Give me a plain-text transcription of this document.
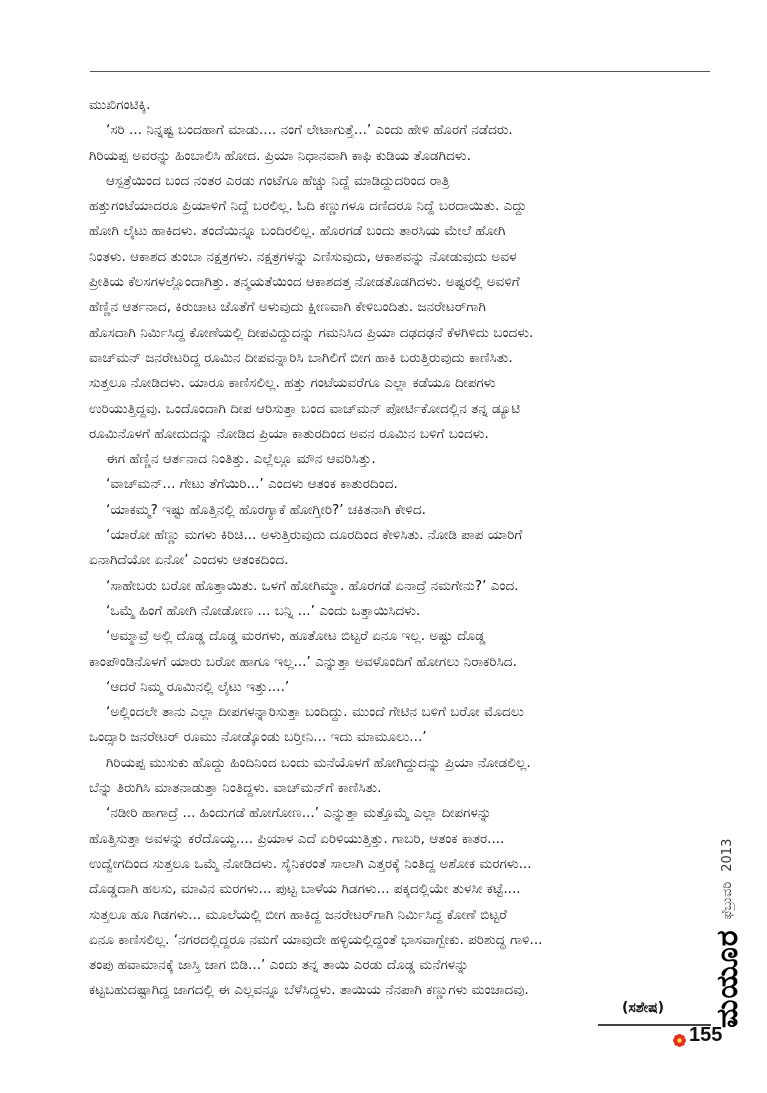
ಮುಖಿಗಂಟಿಕ್ಕಿ.
‘ಸರಿ ... ನಿನ್ನಷ್ಟ ಬಂದಹಾಗೆ ಮಾಡು.... ನಂಗೆ ಲೇಟಾಗುತ್ತೆ...’ ಎಂದು ಹೇಳಿ ಹೊರಗೆ ನಡೆದರು.
ಗಿರಿಯಪ್ಪ ಅವರನ್ನು ಹಿಂಬಾಲಿಸಿ ಹೋದ. ಪ್ರಿಯಾ ನಿಧಾನವಾಗಿ ಕಾಫಿ ಕುಡಿಯ ತೊಡಗಿದಳು.
ಆಸ್ಪತ್ರೆಯಿಂದ ಬಂದ ನಂತರ ಎರಡು ಗಂಟೆಗೂ ಹೆಚ್ಚು ನಿದ್ದೆ ಮಾಡಿದ್ದುದರಿಂದ ರಾತ್ರಿ
ಹತ್ತುಗಂಟೆಯಾದರೂ ಪ್ರಿಯಾಳಿಗೆ ನಿದ್ದೆ ಬರಲಿಲ್ಲ. ಓದಿ ಕಣ್ಣುಗಳೂ ದಣಿದರೂ ನಿದ್ದೆ ಬರದಾಯಿತು. ಎದ್ದು
ಹೋಗಿ ಲೈಟು ಹಾಕಿದಳು. ತಂದೆಯಿನ್ನೂ ಬಂದಿರಲಿಲ್ಲ. ಹೊರಗಡೆ ಬಂದು ತಾರಸಿಯ ಮೇಲೆ ಹೋಗಿ
ನಿಂತಳು. ಆಕಾಶದ ತುಂಬಾ ನಕ್ಷತ್ರಗಳು. ನಕ್ಷತ್ರಗಳನ್ನು ಎಣಿಸುವುದು, ಆಕಾಶವನ್ನು ನೋಡುವುದು ಅವಳ
ಪ್ರೀತಿಯ ಕೆಲಸಗಳಲ್ಲೊಂದಾಗಿತ್ತು. ತನ್ಮಯತೆಯಿಂದ ಆಕಾಶದತ್ತ ನೋಡತೊಡಗಿದಳು. ಅಷ್ಟರಲ್ಲಿ ಅವಳಿಗೆ
ಹೆಣ್ಣಿನ ಆರ್ತನಾದ, ಕಿರುಚಾಟ ಜೊತೆಗೆ ಅಳುವುದು ಕ್ಷೀಣವಾಗಿ ಕೇಳಿಬಂದಿತು. ಜನರೇಟರ್‌ಗಾಗಿ
ಹೊಸದಾಗಿ ನಿರ್ಮಿಸಿದ್ದ ಕೋಣೆಯಲ್ಲಿ ದೀಪವಿದ್ದುದನ್ನು ಗಮನಿಸಿದ ಪ್ರಿಯಾ ದಢದಢನೆ ಕೆಳಗಿಳಿದು ಬಂದಳು.
ವಾಚ್‌ಮನ್ ಜನರೇಟರಿದ್ದ ರೂಮಿನ ದೀಪವನ್ನಾರಿಸಿ ಬಾಗಿಲಿಗೆ ಬೀಗ ಹಾಕಿ ಬರುತ್ತಿರುವುದು ಕಾಣಿಸಿತು.
ಸುತ್ತಲೂ ನೋಡಿದಳು. ಯಾರೂ ಕಾಣಿಸಲಿಲ್ಲ. ಹತ್ತು ಗಂಟೆಯವರೆಗೂ ಎಲ್ಲಾ ಕಡೆಯೂ ದೀಪಗಳು
ಉರಿಯುತ್ತಿದ್ದವು. ಒಂದೊಂದಾಗಿ ದೀಪ ಆರಿಸುತ್ತಾ ಬಂದ ವಾಚ್‌ಮನ್ ಪೋರ್ಟಿಕೋದಲ್ಲಿನ ತನ್ನ ಡ್ಯೂಟಿ
ರೂಮಿನೊಳಗೆ ಹೋದುದನ್ನು ನೋಡಿದ ಪ್ರಿಯಾ ಕಾತುರದಿಂದ ಅವನ ರೂಮಿನ ಬಳಿಗೆ ಬಂದಳು.
ಈಗ ಹೆಣ್ಣಿನ ಆರ್ತನಾದ ನಿಂತಿತ್ತು. ಎಲ್ಲೆಲ್ಲೂ ಮೌನ ಆವರಿಸಿತ್ತು.
‘ವಾಚ್‌ಮನ್... ಗೇಟು ತೆಗೆಯಿರಿ...’ ಎಂದಳು ಆತಂಕ ಕಾತುರದಿಂದ.
‘ಯಾಕಮ್ಮ? ಇಷ್ಟು ಹೊತ್ತಿನಲ್ಲಿ ಹೊರಗ್ಯಾಕೆ ಹೋಗ್ತೀರಿ?’ ಚಕಿತನಾಗಿ ಕೇಳಿದ.
‘ಯಾರೋ ಹೆಣ್ಣು ಮಗಳು ಕಿರಿಚಿ... ಅಳುತ್ತಿರುವುದು ದೂರದಿಂದ ಕೇಳಿಸಿತು. ನೋಡಿ ಪಾಪ ಯಾರಿಗೆ
ಏನಾಗಿದೆಯೋ ಏನೋ’ ಎಂದಳು ಆತಂಕದಿಂದ.
‘ಸಾಹೇಬರು ಬರೋ ಹೊತ್ತಾಯಿತು. ಒಳಗೆ ಹೋಗಿಮ್ಮಾ. ಹೊರಗಡೆ ಏನಾದ್ರೆ ನಮಗೇನು?’ ಎಂದ.
‘ಒಮ್ಮೆ ಹಿಂಗೆ ಹೋಗಿ ನೋಡೋಣ ... ಬನ್ನಿ ...’ ಎಂದು ಒತ್ತಾಯಿಸಿದಳು.
‘ಅಮ್ಮಾವ್ರೆ ಅಲ್ಲಿ ದೊಡ್ಡ ದೊಡ್ಡ ಮರಗಳು, ಹೂತೋಟ ಬಿಟ್ಟರೆ ಏನೂ ಇಲ್ಲ. ಅಷ್ಟು ದೊಡ್ಡ
ಕಾಂಪೌಂಡಿನೊಳಗೆ ಯಾರು ಬರೋ ಹಾಗೂ ಇಲ್ಲ...’ ಎನ್ನುತ್ತಾ ಅವಳೊಂದಿಗೆ ಹೋಗಲು ನಿರಾಕರಿಸಿದ.
‘ಆದರೆ ನಿಮ್ಮ ರೂಮಿನಲ್ಲಿ ಲೈಟು ಇತ್ತು....’
‘ಅಲ್ಲಿಂದಲೇ ತಾನು ಎಲ್ಲಾ ದೀಪಗಳನ್ನಾರಿಸುತ್ತಾ ಬಂದಿದ್ದು. ಮುಂದೆ ಗೇಟಿನ ಬಳಿಗೆ ಬರೋ ಮೊದಲು
ಒಂದ್ಸಾರಿ ಜನರೇಟರ್ ರೂಮು ನೋಡ್ಕೊಂಡು ಬರ್‍ತೀನಿ... ಇದು ಮಾಮೂಲು...’
ಗಿರಿಯಪ್ಪ ಮುಸುಕು ಹೊದ್ದು ಹಿಂದಿನಿಂದ ಬಂದು ಮನೆಯೊಳಗೆ ಹೋಗಿದ್ದುದನ್ನು ಪ್ರಿಯಾ ನೋಡಲಿಲ್ಲ.
ಬೆನ್ನು ತಿರುಗಿಸಿ ಮಾತನಾಡುತ್ತಾ ನಿಂತಿದ್ದಳು. ವಾಚ್‌ಮನ್‌ಗೆ ಕಾಣಿಸಿತು.
‘ನಡೀರಿ ಹಾಗಾದ್ರೆ ... ಹಿಂದುಗಡೆ ಹೋಗೋಣ...’ ಎನ್ನುತ್ತಾ ಮತ್ತೊಮ್ಮೆ ಎಲ್ಲಾ ದೀಪಗಳನ್ನು
ಹೊತ್ತಿಸುತ್ತಾ ಅವಳನ್ನು ಕರೆದೊಯ್ದ.... ಪ್ರಿಯಾಳ ಎದೆ ಏರಿಳಿಯುತ್ತಿತ್ತು. ಗಾಬರಿ, ಆತಂಕ ಕಾತರ....
ಉದ್ವೇಗದಿಂದ ಸುತ್ತಲೂ ಒಮ್ಮೆ ನೋಡಿದಳು. ಸೈನಿಕರಂತೆ ಸಾಲಾಗಿ ಎತ್ತರಕ್ಕೆ ನಿಂತಿದ್ದ ಅಶೋಕ ಮರಗಳು...
ದೊಡ್ಡದಾಗಿ ಹಲಸು, ಮಾವಿನ ಮರಗಳು... ಪುಟ್ಟ ಬಾಳೆಯ ಗಿಡಗಳು... ಪಕ್ಕದಲ್ಲಿಯೇ ತುಳಸೀ ಕಟ್ಟೆ....
ಸುತ್ತಲೂ ಹೂ ಗಿಡಗಳು... ಮೂಲೆಯಲ್ಲಿ ಬೀಗ ಹಾಕಿದ್ದ ಜನರೇಟರ್‌ಗಾಗಿ ನಿರ್ಮಿಸಿದ್ದ ಕೋಣೆ ಬಿಟ್ಟರೆ
ಏನೂ ಕಾಣಿಸಲಿಲ್ಲ. ‘ನಗರದಲ್ಲಿದ್ದರೂ ನಮಗೆ ಯಾವುದೇ ಹಳ್ಳಿಯಲ್ಲಿದ್ದಂತೆ ಭಾಸವಾಗ್ಬೇಕು. ಪರಿಶುದ್ಧ ಗಾಳಿ...
ತಂಪು ಹವಾಮಾನಕ್ಕೆ ಜಾಸ್ತಿ ಜಾಗ ಬಿಡಿ...’ ಎಂದು ತನ್ನ ತಾಯಿ ಎರಡು ದೊಡ್ಡ ಮನೆಗಳನ್ನು
ಕಟ್ಟಬಹುದಷ್ಟಾಗಿದ್ದ ಜಾಗದಲ್ಲಿ ಈ ಎಲ್ಲವನ್ನೂ ಬೆಳೆಸಿದ್ದಳು. ತಾಯಿಯ ನೆನಪಾಗಿ ಕಣ್ಣುಗಳು ಮಂಜಾದವು.
(ಸಶೇಷ) ಮಯೂರ
ಫೆಬ್ರುವರಿ
2013
155
